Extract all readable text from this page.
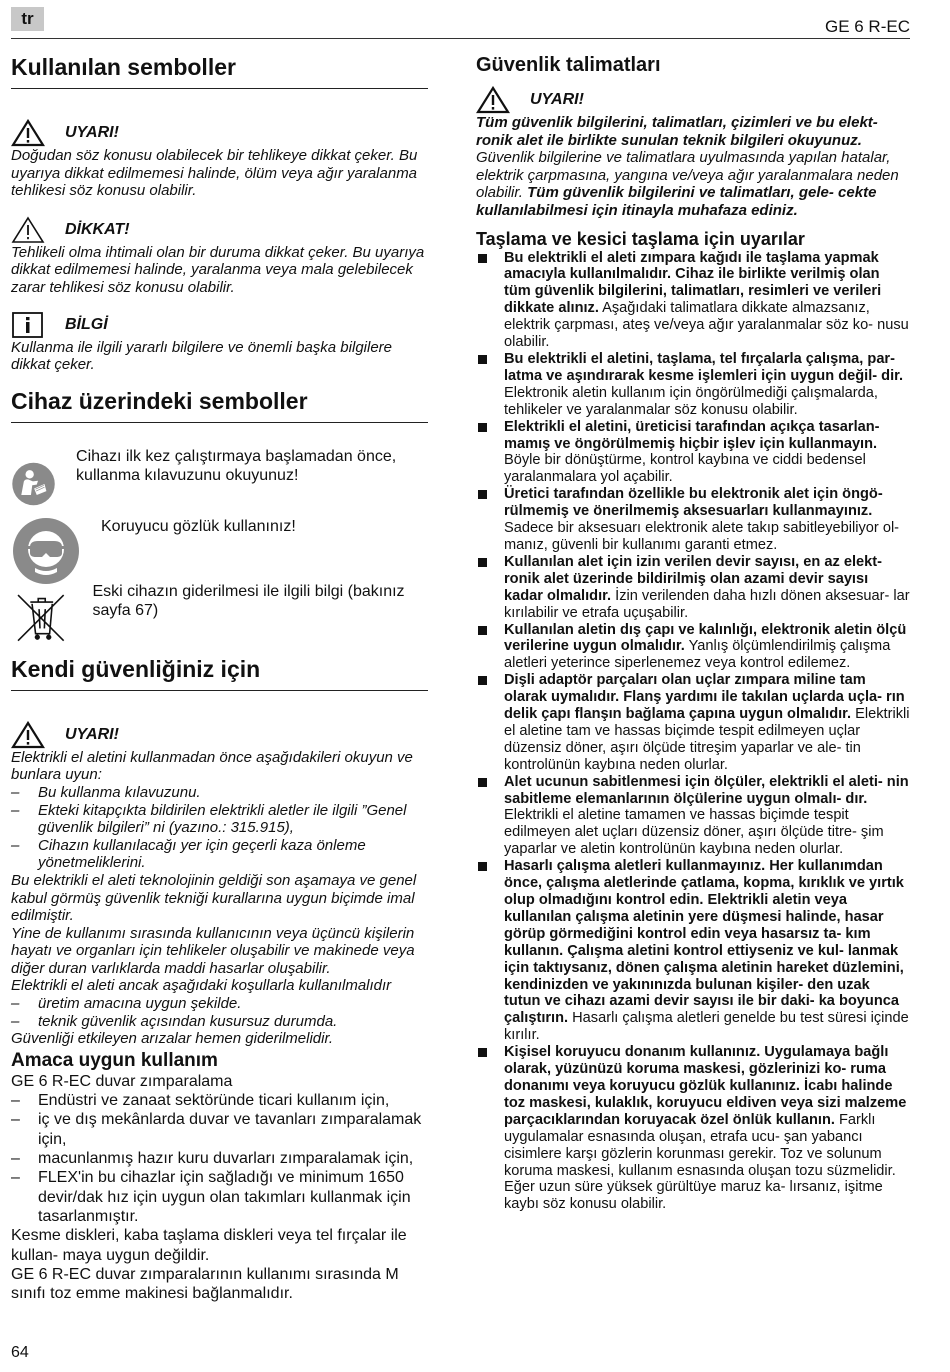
tr	GE 6 R-EC
Kullanılan semboller
UYARI!

Doğudan söz konusu olabilecek bir tehlikeye dikkat çeker. Bu uyarıya dikkat edilmemesi halinde, ölüm veya ağır yaralanma tehlikesi söz konusu olabilir.

DİKKAT!

Tehlikeli olma ihtimali olan bir duruma dikkat çeker. Bu uyarıya dikkat edilmemesi halinde, yaralanma veya mala gelebilecek zarar tehlikesi söz konusu olabilir.

BİLGİ

Kullanma ile ilgili yararlı bilgilere ve önemli başka bilgilere dikkat çeker.

Cihaz üzerindeki semboller
Cihazı ilk kez çalıştırmaya başlamadan önce, kullanma kılavuzunu okuyunuz!
Koruyucu gözlük kullanınız!
Eski cihazın giderilmesi ile ilgili bilgi (bakınız sayfa 67)
Kendi güvenliğiniz için
UYARI!

Elektrikli el aletini kullanmadan önce aşağıdakileri okuyun ve bunlara uyun:

–	Bu kullanma kılavuzunu.
–	Ekteki kitapçıkta bildirilen elektrikli aletler ile ilgili ”Genel güvenlik bilgileri” ni (yazıno.: 315.915),
–	Cihazın kullanılacağı yer için geçerli kaza önleme yönetmeliklerini.

Bu elektrikli el aleti teknolojinin geldiği son aşamaya ve genel kabul görmüş güvenlik tekniği kurallarına uygun biçimde imal edilmiştir.

Yine de kullanımı sırasında kullanıcının veya üçüncü kişilerin hayatı ve organları için tehlikeler oluşabilir ve makinede veya diğer duran varlıklarda maddi hasarlar oluşabilir.

Elektrikli el aleti ancak aşağıdaki koşullarla kullanılmalıdır

–	üretim amacına uygun şekilde.
–	teknik güvenlik açısından kusursuz durumda.

Güvenliği etkileyen arızalar hemen giderilmelidir.

Amaca uygun kullanım

GE 6 R-EC duvar zımparalama

–	Endüstri ve zanaat sektöründe ticari kullanım için,
–	iç ve dış mekânlarda duvar ve tavanları zımparalamak için,
–	macunlanmış hazır kuru duvarları zımparalamak için,
–	FLEX'in bu cihazlar için sağladığı ve minimum 1650 devir/dak hız için uygun olan takımları kullanmak için tasarlanmıştır.

Kesme diskleri, kaba taşlama diskleri veya tel fırçalar ile kullan- maya uygun değildir.

GE 6 R-EC duvar zımparalarının kullanımı sırasında M sınıfı toz emme makinesi bağlanmalıdır.

Güvenlik talimatları
UYARI!

Tüm güvenlik bilgilerini, talimatları, çizimleri ve bu elekt- ronik alet ile birlikte sunulan teknik bilgileri okuyunuz.

Güvenlik bilgilerine ve talimatlara uyulmasında yapılan hatalar, elektrik çarpmasına, yangına ve/veya ağır yaralanmalara neden olabilir. Tüm güvenlik bilgilerini ve talimatları, gele- cekte kullanılabilmesi için itinayla muhafaza ediniz.

Taşlama ve kesici taşlama için uyarılar
Bu elektrikli el aleti zımpara kağıdı ile taşlama yapmak amacıyla kullanılmalıdır. Cihaz ile birlikte verilmiş olan tüm güvenlik bilgilerini, talimatları, resimleri ve verileri dikkate alınız. Aşağıdaki talimatlara dikkate almazsanız, elektrik çarpması, ateş ve/veya ağır yaralanmalar söz ko- nusu olabilir.
Bu elektrikli el aletini, taşlama, tel fırçalarla çalışma, par- latma ve aşındırarak kesme işlemleri için uygun değil- dir. Elektronik aletin kullanım için öngörülmediği çalışmalarda, tehlikeler ve yaralanmalar söz konusu olabilir.
Elektrikli el aletini, üreticisi tarafından açıkça tasarlan- mamış ve öngörülmemiş hiçbir işlev için kullanmayın. Böyle bir dönüştürme, kontrol kaybına ve ciddi bedensel yaralanmalara yol açabilir.
Üretici tarafından özellikle bu elektronik alet için öngö- rülmemiş ve önerilmemiş aksesuarları kullanmayınız. Sadece bir aksesuarı elektronik alete takıp sabitleyebiliyor ol- manız, güvenli bir kullanımı garanti etmez.
Kullanılan alet için izin verilen devir sayısı, en az elekt- ronik alet üzerinde bildirilmiş olan azami devir sayısı kadar olmalıdır. İzin verilenden daha hızlı dönen aksesuar- lar kırılabilir ve etrafa uçuşabilir.
Kullanılan aletin dış çapı ve kalınlığı, elektronik aletin ölçü verilerine uygun olmalıdır. Yanlış ölçümlendirilmiş çalışma aletleri yeterince siperlenemez veya kontrol edilemez.
Dişli adaptör parçaları olan uçlar zımpara miline tam olarak uymalıdır. Flanş yardımı ile takılan uçlarda uçla- rın delik çapı flanşın bağlama çapına uygun olmalıdır. Elektrikli el aletine tam ve hassas biçimde tespit edilmeyen uçlar düzensiz döner, aşırı ölçüde titreşim yaparlar ve ale- tin kontrolünün kaybına neden olurlar.
Alet ucunun sabitlenmesi için ölçüler, elektrikli el aleti- nin sabitleme elemanlarının ölçülerine uygun olmalı- dır. Elektrikli el aletine tamamen ve hassas biçimde tespit edilmeyen alet uçları düzensiz döner, aşırı ölçüde titre- şim yaparlar ve aletin kontrolünün kaybına neden olurlar.
Hasarlı çalışma aletleri kullanmayınız. Her kullanımdan önce, çalışma aletlerinde çatlama, kopma, kırıklık ve yırtık olup olmadığını kontrol edin. Elektrikli aletin veya kullanılan çalışma aletinin yere düşmesi halinde, hasar görüp görmediğini kontrol edin veya hasarsız ta- kım kullanın. Çalışma aletini kontrol ettiyseniz ve kul- lanmak için taktıysanız, dönen çalışma aletinin hareket düzlemini, kendinizden ve yakınınızda bulunan kişiler- den uzak tutun ve cihazı azami devir sayısı ile bir daki- ka boyunca çalıştırın. Hasarlı çalışma aletleri genelde bu test süresi içinde kırılır.
Kişisel koruyucu donanım kullanınız. Uygulamaya bağlı olarak, yüzünüzü koruma maskesi, gözlerinizi ko- ruma donanımı veya koruyucu gözlük kullanınız. İcabı halinde toz maskesi, kulaklık, koruyucu eldiven veya sizi malzeme parçacıklarından koruyacak özel önlük kullanın. Farklı uygulamalar esnasında oluşan, etrafa ucu- şan yabancı cisimlere karşı gözlerin korunması gerekir. Toz ve solunum koruma maskesi, kullanım esnasında oluşan tozu süzmelidir. Eğer uzun süre yüksek gürültüye maruz ka- lırsanız, işitme kaybı söz konusu olabilir.
64
